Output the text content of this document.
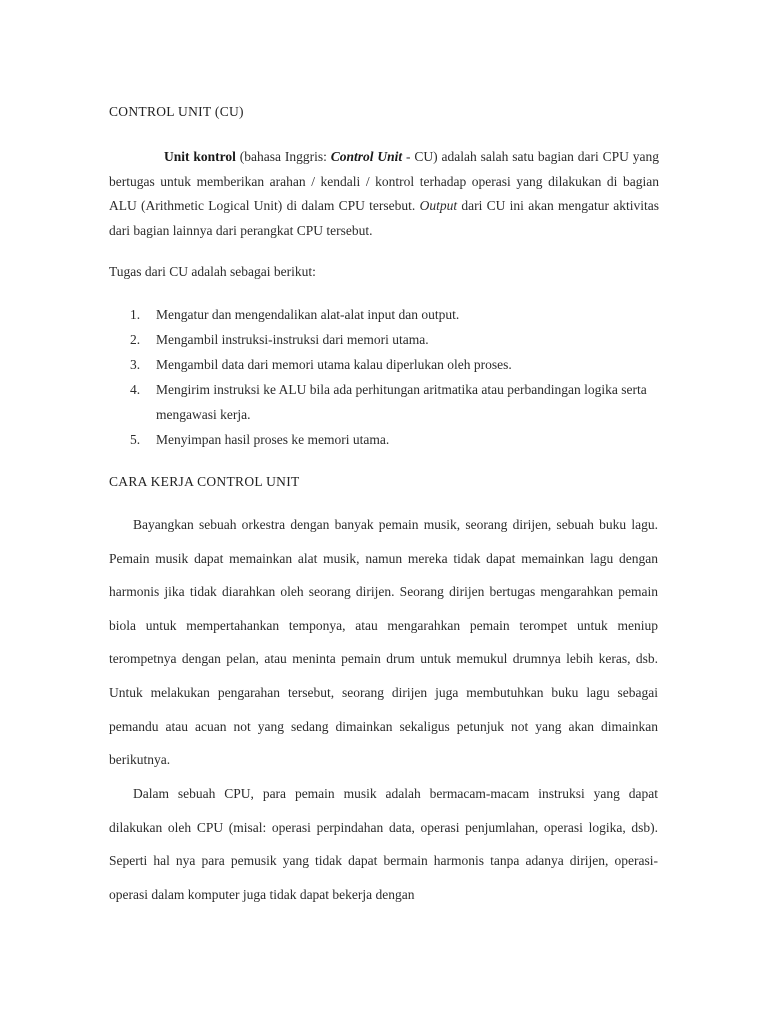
CONTROL UNIT (CU)

Unit kontrol (bahasa Inggris: Control Unit - CU) adalah salah satu bagian dari CPU yang bertugas untuk memberikan arahan / kendali / kontrol terhadap operasi yang dilakukan di bagian ALU (Arithmetic Logical Unit) di dalam CPU tersebut. Output dari CU ini akan mengatur aktivitas dari bagian lainnya dari perangkat CPU tersebut.

Tugas dari CU adalah sebagai berikut:

1. Mengatur dan mengendalikan alat-alat input dan output.
2. Mengambil instruksi-instruksi dari memori utama.
3. Mengambil data dari memori utama kalau diperlukan oleh proses.
4. Mengirim instruksi ke ALU bila ada perhitungan aritmatika atau perbandingan logika serta mengawasi kerja.
5. Menyimpan hasil proses ke memori utama.
CARA KERJA CONTROL UNIT

Bayangkan sebuah orkestra dengan banyak pemain musik, seorang dirijen, sebuah buku lagu. Pemain musik dapat memainkan alat musik, namun mereka tidak dapat memainkan lagu dengan harmonis jika tidak diarahkan oleh seorang dirijen. Seorang dirijen bertugas mengarahkan pemain biola untuk mempertahankan temponya, atau mengarahkan pemain terompet untuk meniup terompetnya dengan pelan, atau meninta pemain drum untuk memukul drumnya lebih keras, dsb. Untuk melakukan pengarahan tersebut, seorang dirijen juga membutuhkan buku lagu sebagai pemandu atau acuan not yang sedang dimainkan sekaligus petunjuk not yang akan dimainkan berikutnya.

Dalam sebuah CPU, para pemain musik adalah bermacam-macam instruksi yang dapat dilakukan oleh CPU (misal: operasi perpindahan data, operasi penjumlahan, operasi logika, dsb). Seperti hal nya para pemusik yang tidak dapat bermain harmonis tanpa adanya dirijen, operasi-operasi dalam komputer juga tidak dapat bekerja dengan
